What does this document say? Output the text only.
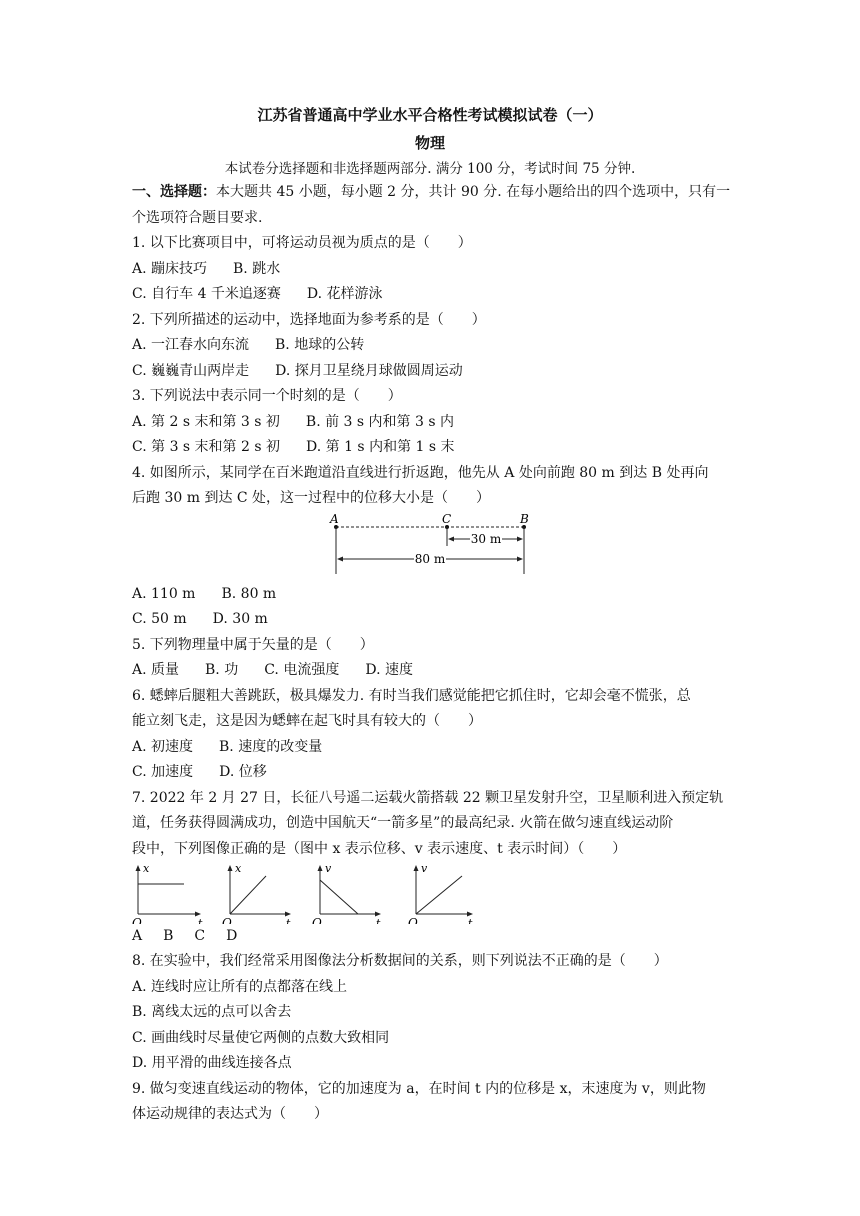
江苏省普通高中学业水平合格性考试模拟试卷（一）
物理
本试卷分选择题和非选择题两部分. 满分 100 分，考试时间 75 分钟.
一、选择题：本大题共 45 小题，每小题 2 分，共计 90 分. 在每小题给出的四个选项中，只有一个选项符合题目要求.
1. 以下比赛项目中，可将运动员视为质点的是（　　）
A. 蹦床技巧 B. 跳水
C. 自行车 4 千米追逐赛 D. 花样游泳
2. 下列所描述的运动中，选择地面为参考系的是（　　）
A. 一江春水向东流 B. 地球的公转
C. 巍巍青山两岸走 D. 探月卫星绕月球做圆周运动
3. 下列说法中表示同一个时刻的是（　　）
A. 第 2 s 末和第 3 s 初 B. 前 3 s 内和第 3 s 内
C. 第 3 s 末和第 2 s 初 D. 第 1 s 内和第 1 s 末
4. 如图所示，某同学在百米跑道沿直线进行折返跑，他先从 A 处向前跑 80 m 到达 B 处再向
后跑 30 m 到达 C 处，这一过程中的位移大小是（　　）
A	C	B
30 m
80 m
A. 110 m B. 80 m
C. 50 m D. 30 m
5. 下列物理量中属于矢量的是（　　）
A. 质量 B. 功 C. 电流强度 D. 速度
6. 蟋蟀后腿粗大善跳跃，极具爆发力. 有时当我们感觉能把它抓住时，它却会毫不慌张，总
能立刻飞走，这是因为蟋蟀在起飞时具有较大的（　　）
A. 初速度 B. 速度的改变量
C. 加速度 D. 位移
7. 2022 年 2 月 27 日，长征八号遥二运载火箭搭载 22 颗卫星发射升空，卫星顺利进入预定轨
道，任务获得圆满成功，创造中国航天“一箭多星”的最高纪录. 火箭在做匀速直线运动阶
段中，下列图像正确的是（图中 x 表示位移、v 表示速度、t 表示时间）（　　）
x
t
O
x
t
O
v
t
O
v
t
O
A B C D
8. 在实验中，我们经常采用图像法分析数据间的关系，则下列说法不正确的是（　　）
A. 连线时应让所有的点都落在线上
B. 离线太远的点可以舍去
C. 画曲线时尽量使它两侧的点数大致相同
D. 用平滑的曲线连接各点
9. 做匀变速直线运动的物体，它的加速度为 a，在时间 t 内的位移是 x，末速度为 v，则此物
体运动规律的表达式为（　　）
